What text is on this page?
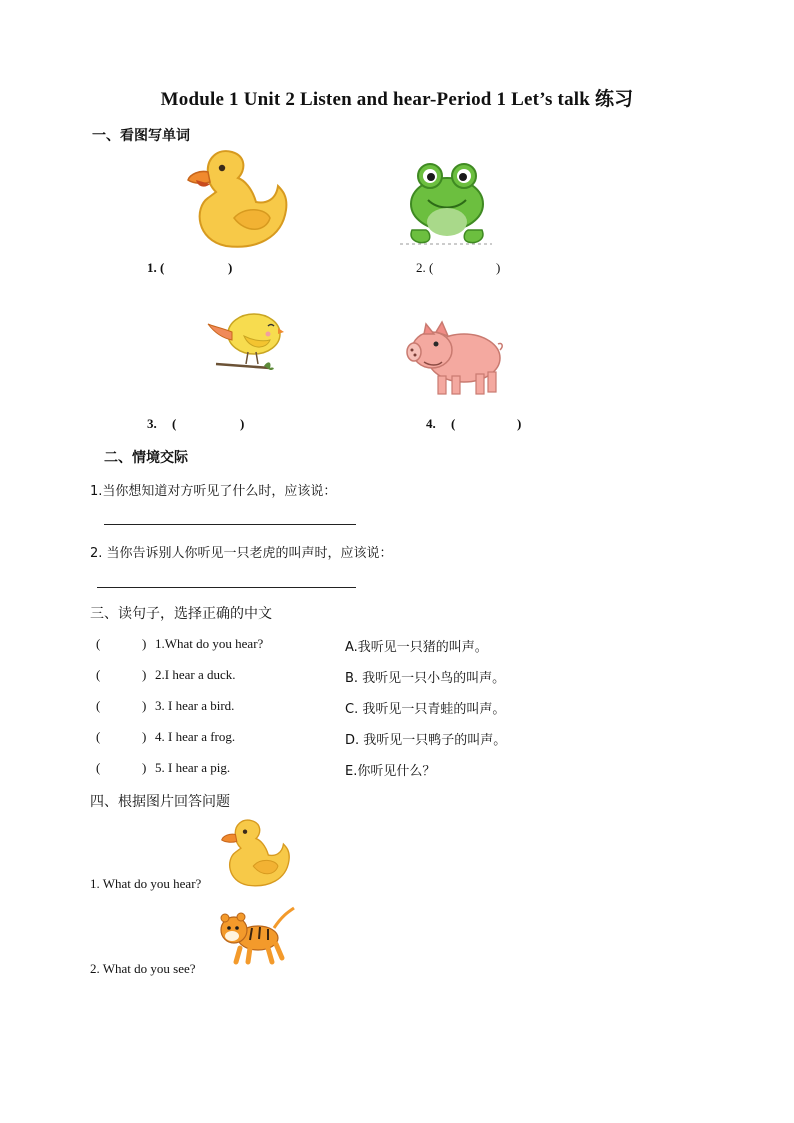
Module 1 Unit 2 Listen and hear-Period 1 Let’s talk 练习
一、看图写单词
1. (	)	2. (	)
3. (	)	4. (	)
二、情境交际
1.当你想知道对方听见了什么时，应该说：
2. 当你告诉别人你听见一只老虎的叫声时，应该说：
三、读句子，选择正确的中文
(	) 1.What do you hear?	A.我听见一只猪的叫声。
(	) 2.I hear a duck.	B. 我听见一只小鸟的叫声。
(	) 3. I hear a bird.	C. 我听见一只青蛙的叫声。
(	) 4. I hear a frog.	D. 我听见一只鸭子的叫声。
(	) 5. I hear a pig.	E.你听见什么？
四、根据图片回答问题
1. What do you hear?
2. What do you see?
